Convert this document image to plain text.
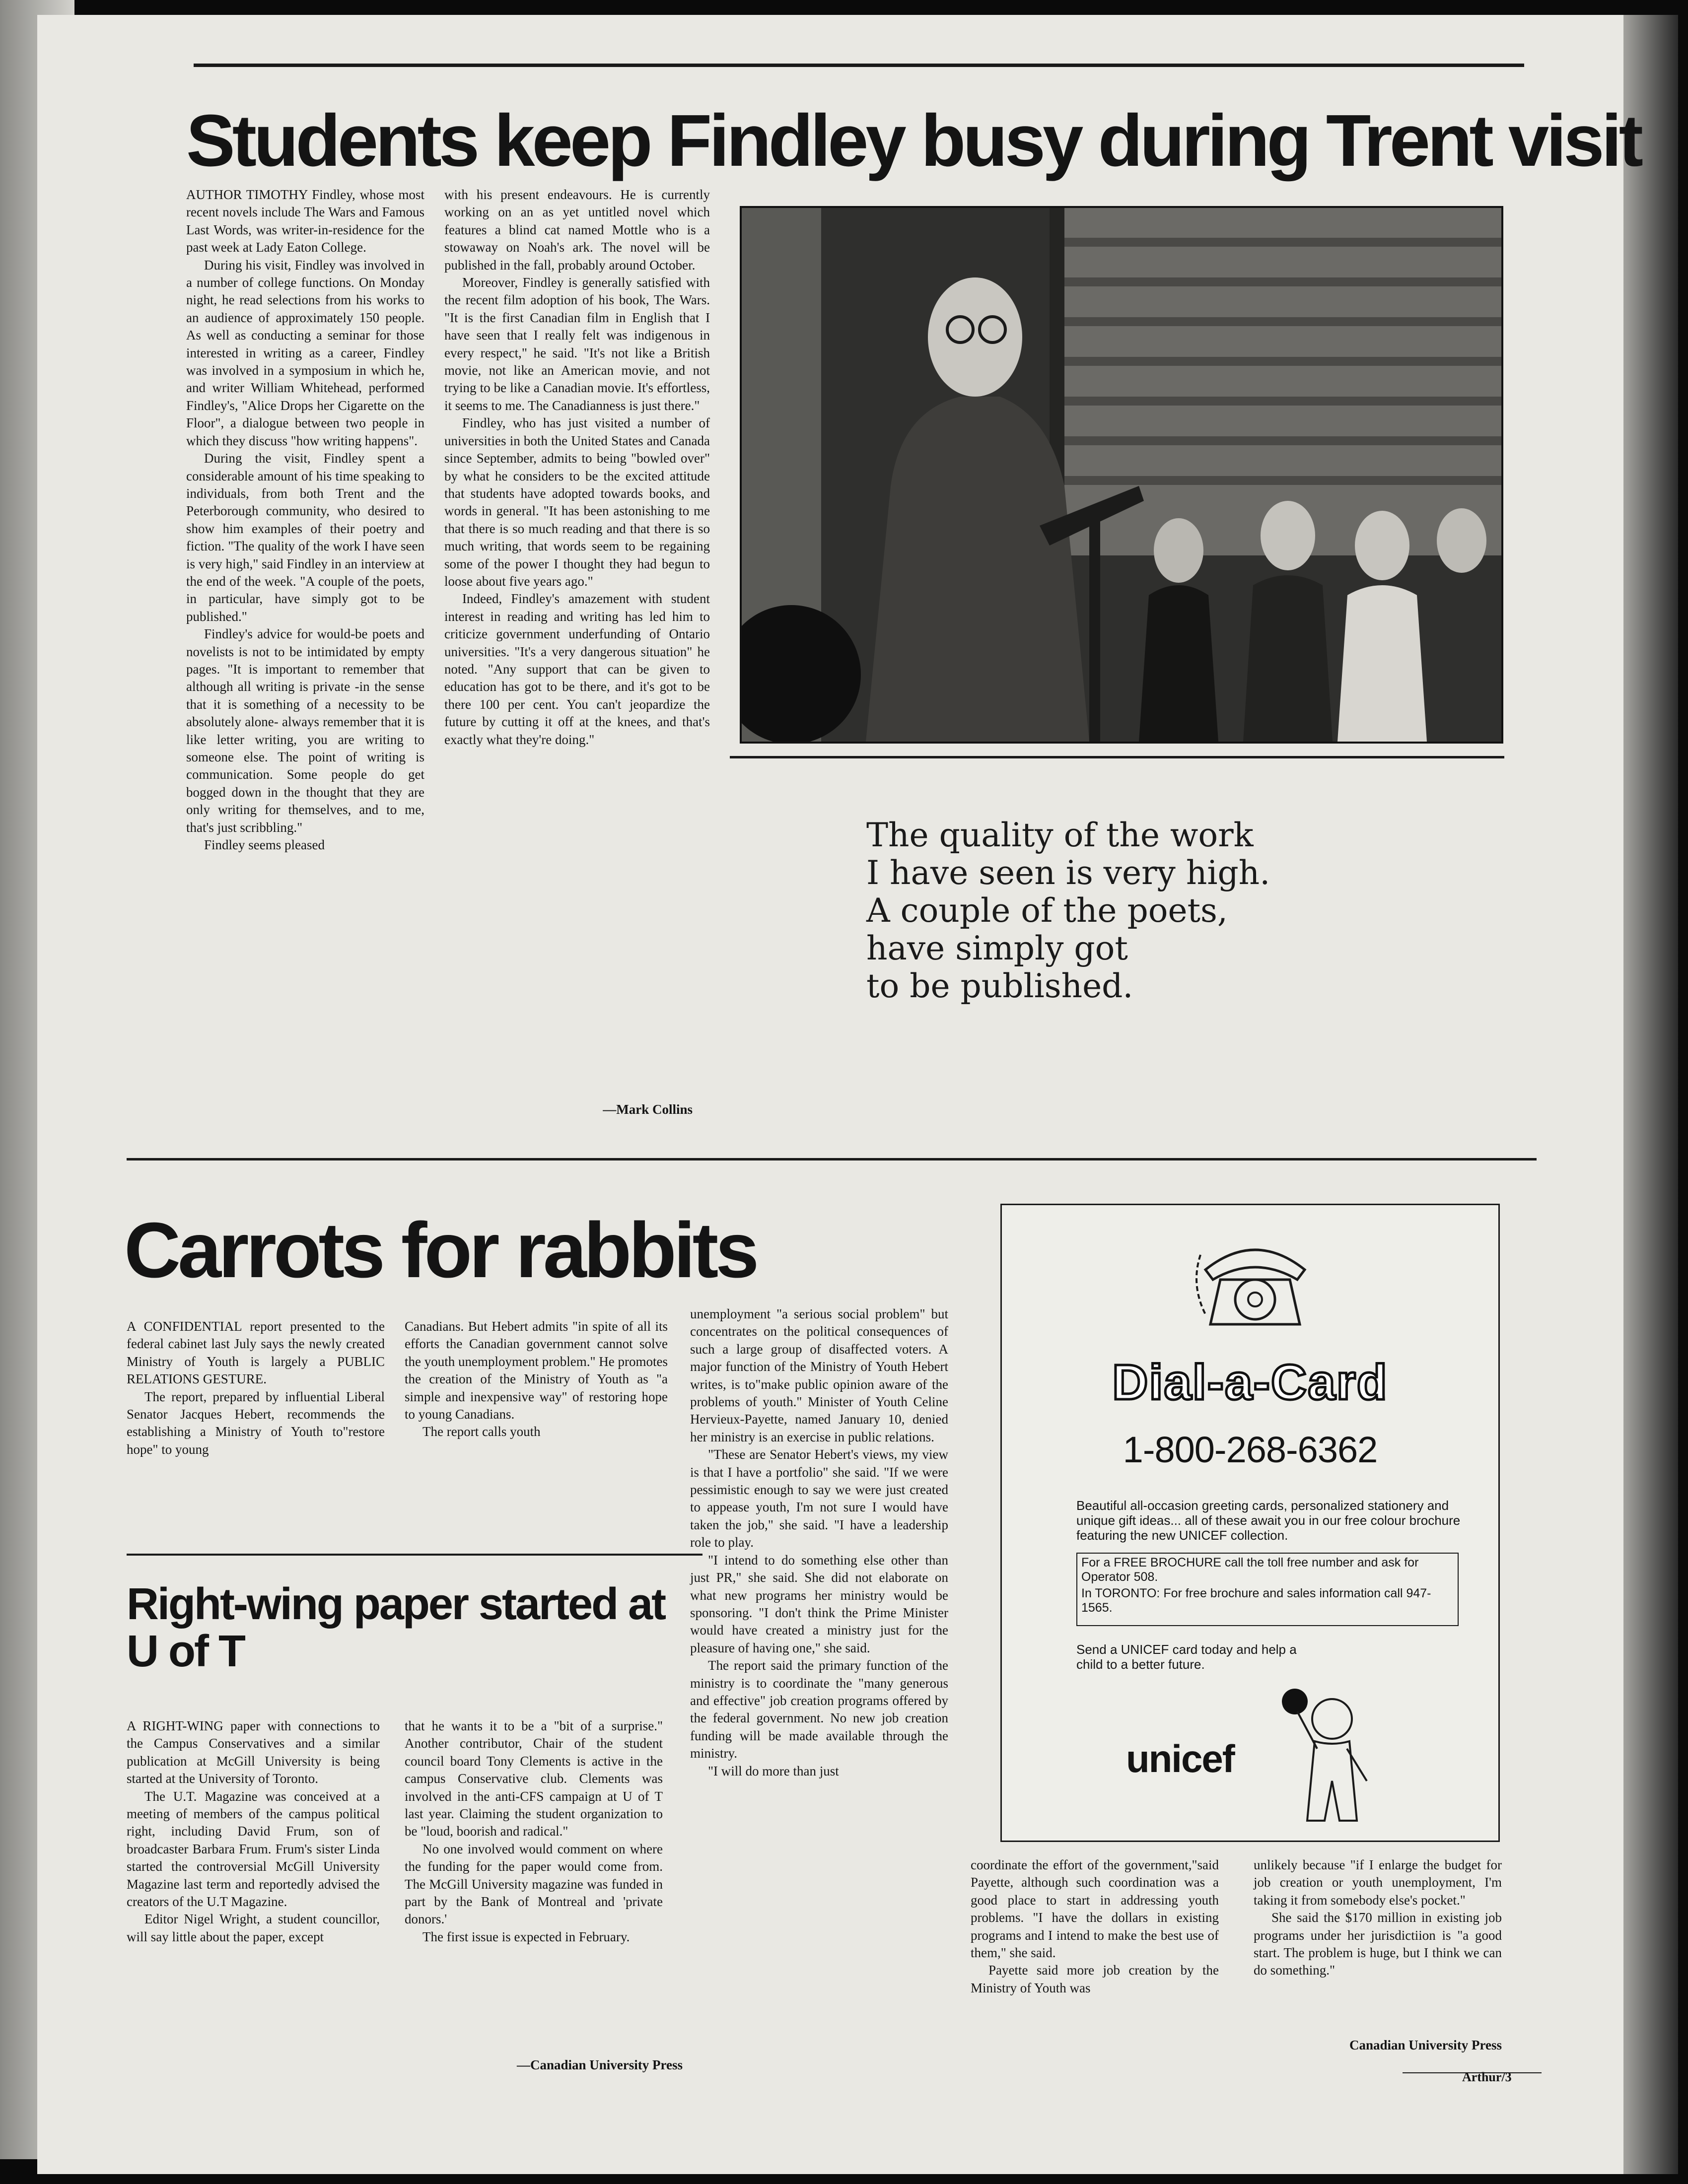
Students keep Findley busy during Trent visit

AUTHOR TIMOTHY Findley, whose most recent novels include The Wars and Famous Last Words, was writer-in-residence for the past week at Lady Eaton College.

During his visit, Findley was involved in a number of college functions. On Monday night, he read selections from his works to an audience of approximately 150 people. As well as conducting a seminar for those interested in writing as a career, Findley was involved in a symposium in which he, and writer William Whitehead, performed Findley's, "Alice Drops her Cigarette on the Floor", a dialogue between two people in which they discuss "how writing happens".

During the visit, Findley spent a considerable amount of his time speaking to individuals, from both Trent and the Peterborough community, who desired to show him examples of their poetry and fiction. "The quality of the work I have seen is very high," said Findley in an interview at the end of the week. "A couple of the poets, in particular, have simply got to be published."

Findley's advice for would-be poets and novelists is not to be intimidated by empty pages. "It is important to remember that although all writing is private -in the sense that it is something of a necessity to be absolutely alone- always remember that it is like letter writing, you are writing to someone else. The point of writing is communication. Some people do get bogged down in the thought that they are only writing for themselves, and to me, that's just scribbling."

Findley seems pleased

with his present endeavours. He is currently working on an as yet untitled novel which features a blind cat named Mottle who is a stowaway on Noah's ark. The novel will be published in the fall, probably around October.

Moreover, Findley is generally satisfied with the recent film adoption of his book, The Wars. "It is the first Canadian film in English that I have seen that I really felt was indigenous in every respect," he said. "It's not like a British movie, not like an American movie, and not trying to be like a Canadian movie. It's effortless, it seems to me. The Canadianness is just there."

Findley, who has just visited a number of universities in both the United States and Canada since September, admits to being "bowled over" by what he considers to be the excited attitude that students have adopted towards books, and words in general. "It has been astonishing to me that there is so much reading and that there is so much writing, that words seem to be regaining some of the power I thought they had begun to loose about five years ago."

Indeed, Findley's amazement with student interest in reading and writing has led him to criticize government underfunding of Ontario universities. "It's a very dangerous situation" he noted. "Any support that can be given to education has got to be there, and it's got to be there 100 per cent. You can't jeopardize the future by cutting it off at the knees, and that's exactly what they're doing."

—Mark Collins
The quality of the work
I have seen is very high.
A couple of the poets,
have simply got
to be published.
Carrots for rabbits

A CONFIDENTIAL report presented to the federal cabinet last July says the newly created Ministry of Youth is largely a PUBLIC RELATIONS GESTURE.

The report, prepared by influential Liberal Senator Jacques Hebert, recommends the establishing a Ministry of Youth to"restore hope" to young

Canadians. But Hebert admits "in spite of all its efforts the Canadian government cannot solve the youth unemployment problem." He promotes the creation of the Ministry of Youth as "a simple and inexpensive way" of restoring hope to young Canadians.

The report calls youth

unemployment "a serious social problem" but concentrates on the political consequences of such a large group of disaffected voters. A major function of the Ministry of Youth Hebert writes, is to"make public opinion aware of the problems of youth." Minister of Youth Celine Hervieux-Payette, named January 10, denied her ministry is an exercise in public relations.

"These are Senator Hebert's views, my view is that I have a portfolio" she said. "If we were pessimistic enough to say we were just created to appease youth, I'm not sure I would have taken the job," she said. "I have a leadership role to play.

"I intend to do something else other than just PR," she said. She did not elaborate on what new programs her ministry would be sponsoring. "I don't think the Prime Minister would have created a ministry just for the pleasure of having one," she said.

The report said the primary function of the ministry is to coordinate the "many generous and effective" job creation programs offered by the federal government. No new job creation funding will be made available through the ministry.

"I will do more than just

coordinate the effort of the government,"said Payette, although such coordination was a good place to start in addressing youth problems. "I have the dollars in existing programs and I intend to make the best use of them," she said.

Payette said more job creation by the Ministry of Youth was

unlikely because "if I enlarge the budget for job creation or youth unemployment, I'm taking it from somebody else's pocket."

She said the $170 million in existing job programs under her jurisdictiion is "a good start. The problem is huge, but I think we can do something."

Canadian University Press
Right-wing paper started at U of T

A RIGHT-WING paper with connections to the Campus Conservatives and a similar publication at McGill University is being started at the University of Toronto.

The U.T. Magazine was conceived at a meeting of members of the campus political right, including David Frum, son of broadcaster Barbara Frum. Frum's sister Linda started the controversial McGill University Magazine last term and reportedly advised the creators of the U.T Magazine.

Editor Nigel Wright, a student councillor, will say little about the paper, except

that he wants it to be a "bit of a surprise." Another contributor, Chair of the student council board Tony Clements is active in the campus Conservative club. Clements was involved in the anti-CFS campaign at U of T last year. Claiming the student organization to be "loud, boorish and radical."

No one involved would comment on where the funding for the paper would come from. The McGill University magazine was funded in part by the Bank of Montreal and 'private donors.'

The first issue is expected in February.

—Canadian University Press
Dial-a-Card
1-800-268-6362
Beautiful all-occasion greeting cards, personalized stationery and unique gift ideas... all of these await you in our free colour brochure featuring the new UNICEF collection.
For a FREE BROCHURE call the toll free number and ask for Operator 508.
In TORONTO: For free brochure and sales information call 947-1565.
Send a UNICEF card today and help a child to a better future.
unicef
Arthur/3
